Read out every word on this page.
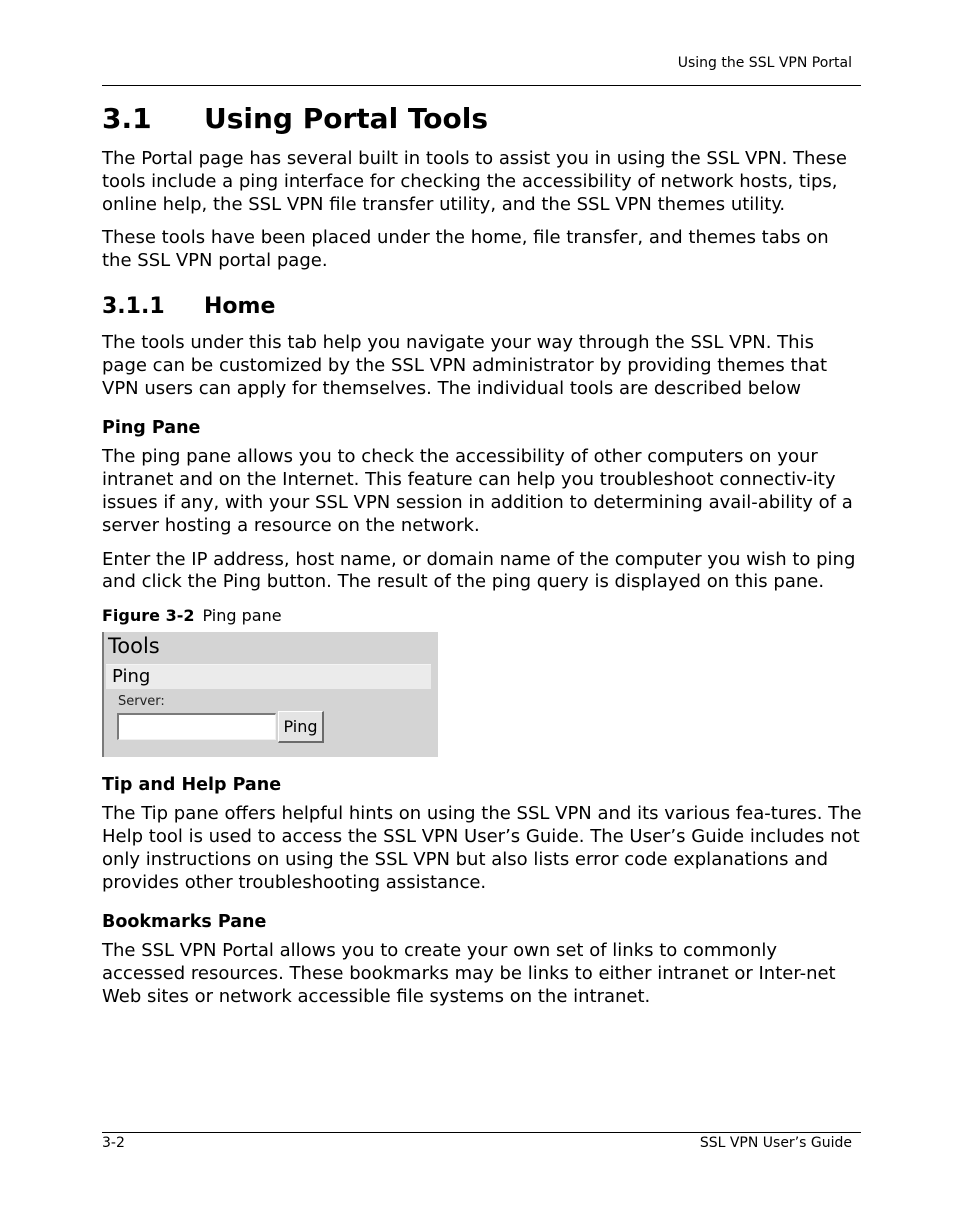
Using the SSL VPN Portal
3.1	Using Portal Tools

The Portal page has several built in tools to assist you in using the SSL VPN. These tools include a ping interface for checking the accessibility of network hosts, tips, online help, the SSL VPN file transfer utility, and the SSL VPN themes utility.

These tools have been placed under the home, file transfer, and themes tabs on the SSL VPN portal page.

3.1.1	Home

The tools under this tab help you navigate your way through the SSL VPN. This page can be customized by the SSL VPN administrator by providing themes that VPN users can apply for themselves. The individual tools are described below

Ping Pane

The ping pane allows you to check the accessibility of other computers on your intranet and on the Internet. This feature can help you troubleshoot connectiv-ity issues if any, with your SSL VPN session in addition to determining avail-ability of a server hosting a resource on the network.

Enter the IP address, host name, or domain name of the computer you wish to ping and click the Ping button. The result of the ping query is displayed on this pane.

Figure 3-2 Ping pane
Tools
Ping
Server:
Ping
Tip and Help Pane

The Tip pane offers helpful hints on using the SSL VPN and its various fea-tures. The Help tool is used to access the SSL VPN User’s Guide. The User’s Guide includes not only instructions on using the SSL VPN but also lists error code explanations and provides other troubleshooting assistance.

Bookmarks Pane

The SSL VPN Portal allows you to create your own set of links to commonly accessed resources. These bookmarks may be links to either intranet or Inter-net Web sites or network accessible file systems on the intranet.

3-2	SSL VPN User’s Guide
